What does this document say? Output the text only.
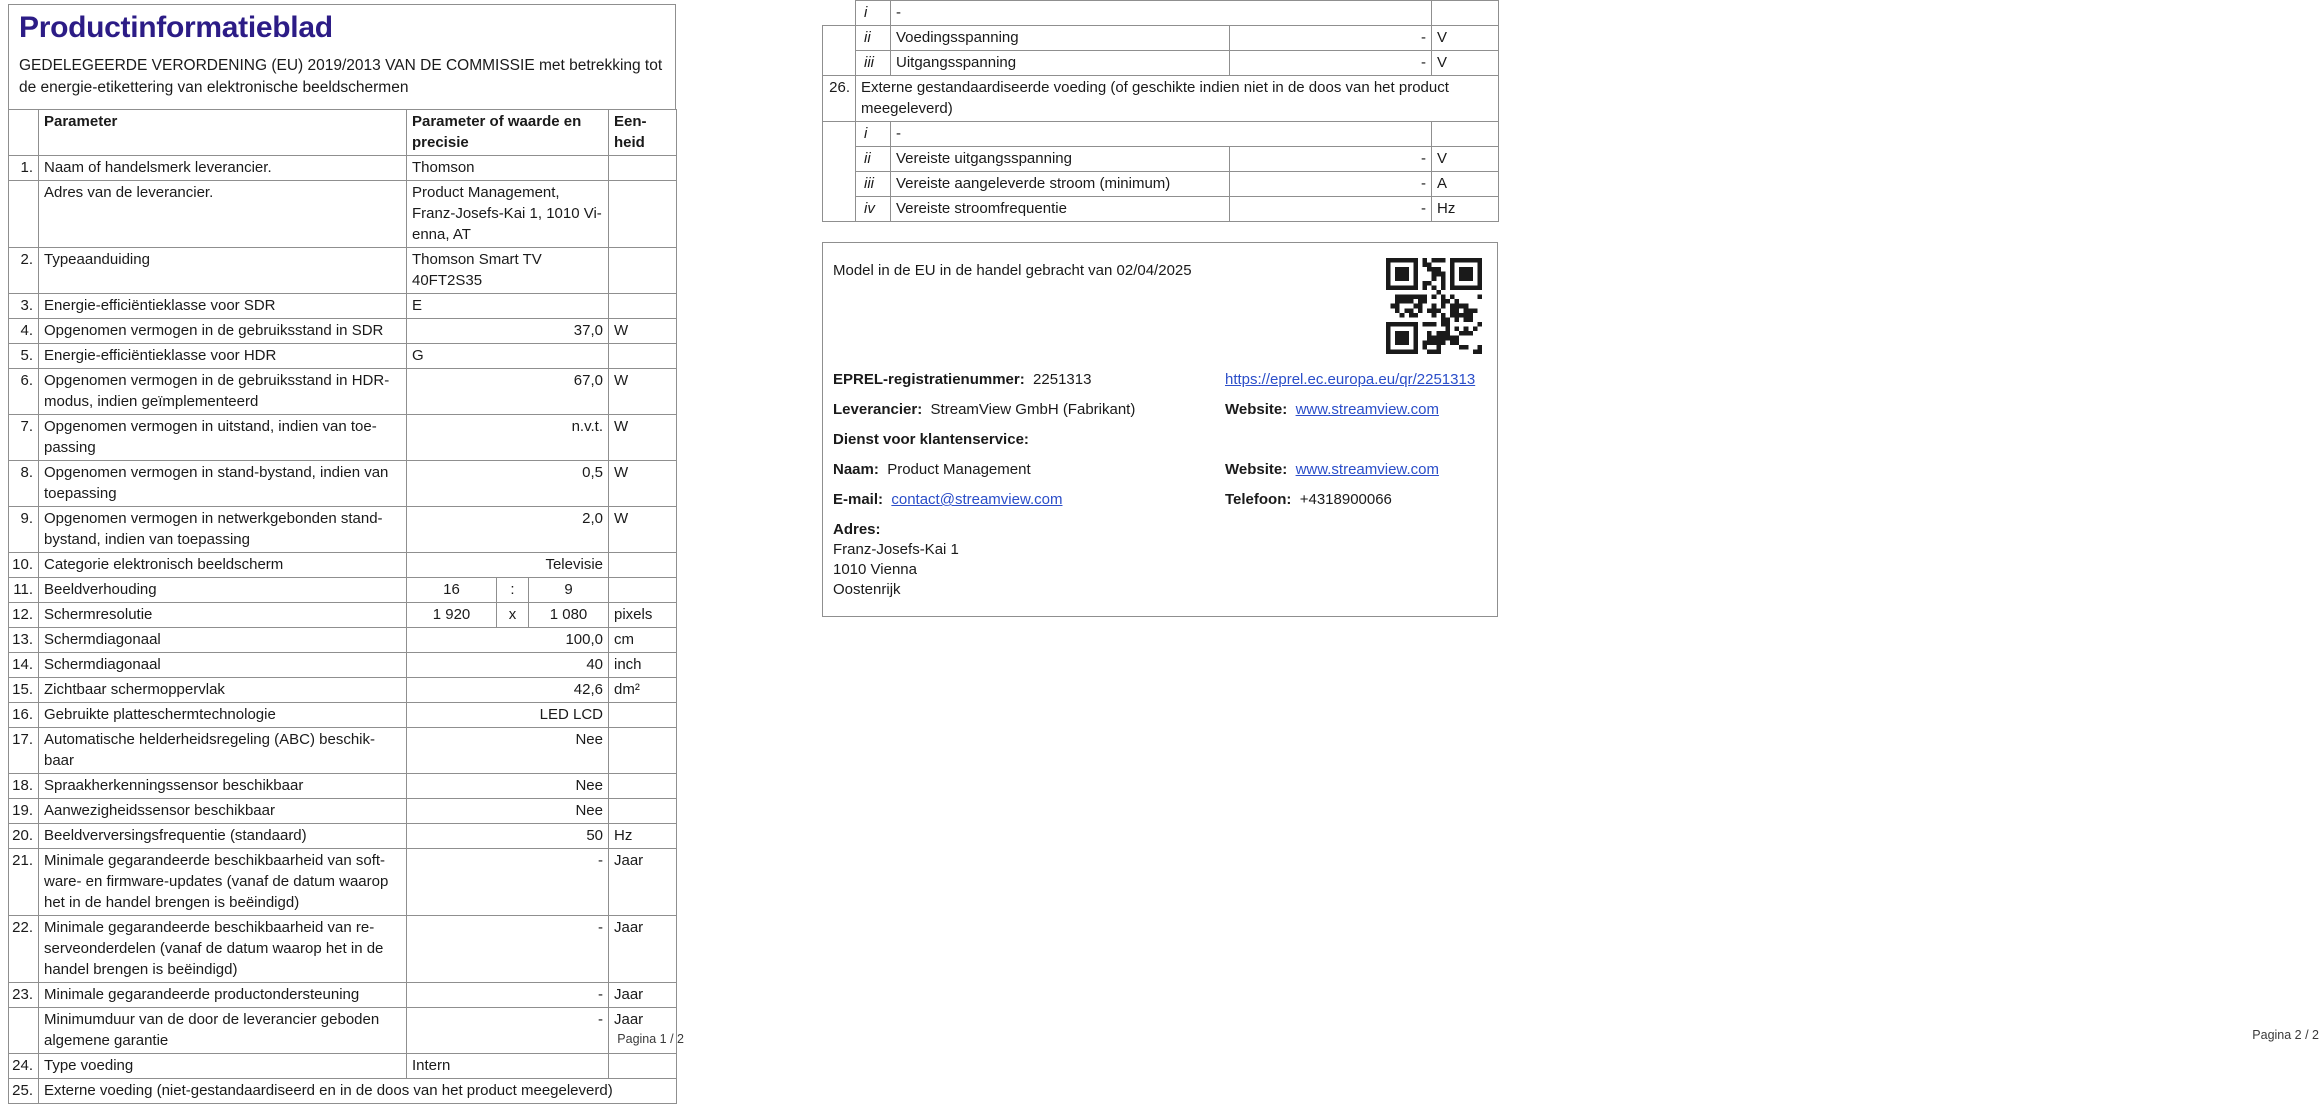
Productinformatieblad
GEDELEGEERDE VERORDENING (EU) 2019/2013 VAN DE COMMISSIE met betrekking tot de energie-etikettering van elektronische beeldschermen
	Parameter	Parameter of waarde en precisie	Een-heid
1.	Naam of handelsmerk leverancier.	Thomson	
	Adres van de leverancier.	Product Management, Franz-Josefs-Kai 1, 1010 Vi-enna, AT	
2.	Typeaanduiding	Thomson Smart TV 40FT2S35	
3.	Energie-efficiëntieklasse voor SDR	E	
4.	Opgenomen vermogen in de gebruiksstand in SDR	37,0	W
5.	Energie-efficiëntieklasse voor HDR	G	
6.	Opgenomen vermogen in de gebruiksstand in HDR-modus, indien geïmplementeerd	67,0	W
7.	Opgenomen vermogen in uitstand, indien van toe-passing	n.v.t.	W
8.	Opgenomen vermogen in stand-bystand, indien van toepassing	0,5	W
9.	Opgenomen vermogen in netwerkgebonden stand-bystand, indien van toepassing	2,0	W
10.	Categorie elektronisch beeldscherm	Televisie	
11.	Beeldverhouding	16 : 9	

12.	Schermresolutie	1 920 x 1 080	pixels
13.	Schermdiagonaal	100,0	cm
14.	Schermdiagonaal	40	inch
15.	Zichtbaar schermoppervlak	42,6	dm²
16.	Gebruikte platteschermtechnologie	LED LCD	
17.	Automatische helderheidsregeling (ABC) beschik-baar	Nee	
18.	Spraakherkenningssensor beschikbaar	Nee	
19.	Aanwezigheidssensor beschikbaar	Nee	
20.	Beeldverversingsfrequentie (standaard)	50	Hz
21.	Minimale gegarandeerde beschikbaarheid van soft-ware- en firmware-updates (vanaf de datum waarop het in de handel brengen is beëindigd)	-	Jaar
22.	Minimale gegarandeerde beschikbaarheid van re-serveonderdelen (vanaf de datum waarop het in de handel brengen is beëindigd)	-	Jaar
23.	Minimale gegarandeerde productondersteuning	-	Jaar
	Minimumduur van de door de leverancier geboden algemene garantie	-	Jaar
24.	Type voeding	Intern	
25.	Externe voeding (niet-gestandaardiseerd en in de doos van het product meegeleverd)		
Pagina 1 / 2
	i	-		
	ii	Voedingsspanning	-	V
	iii	Uitgangsspanning	-	V
26.	Externe gestandaardiseerde voeding (of geschikte indien niet in de doos van het product meegeleverd)			
	i	-		
	ii	Vereiste uitgangsspanning	-	V
	iii	Vereiste aangeleverde stroom (minimum)	-	A
	iv	Vereiste stroomfrequentie	-	Hz
Model in de EU in de handel gebracht van 02/04/2025
EPREL-registratienummer:  2251313	https://eprel.ec.europa.eu/qr/2251313
Leverancier:  StreamView GmbH (Fabrikant)	Website:  www.streamview.com
Dienst voor klantenservice:
Naam:  Product Management	Website:  www.streamview.com
E-mail: contact@streamview.com	Telefoon:  +4318900066
Adres:
Franz-Josefs-Kai 1
1010 Vienna
Oostenrijk
Pagina 2 / 2
